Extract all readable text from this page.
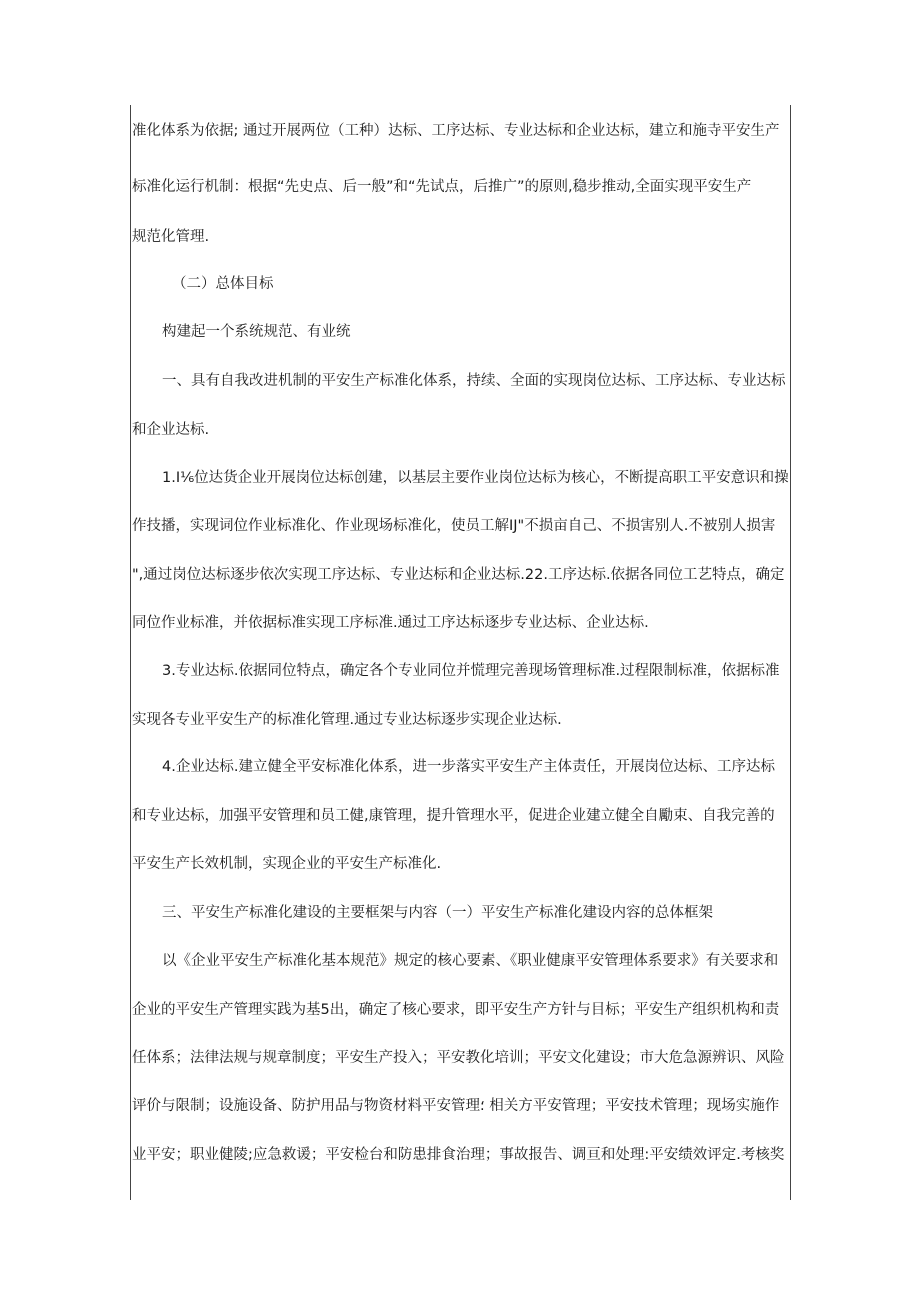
准化体系为依据; 通过开展两位（工种）达标、工序达标、专业达标和企业达标，建立和施寺平安生产
标准化运行机制：根据“先史点、后一般”和“先试点，后推广”的原则,稳步推动,全面实现平安生产
规范化管理.
（二）总体目标
构建起一个系统规范、有业统
一、具有自我改进机制的平安生产标准化体系，持续、全面的实现岗位达标、工序达标、专业达标
和企业达标.
1.I⅙位达货企业开展岗位达标创建，以基层主要作业岗位达标为核心，不断提高职工平安意识和操
作技播，实现词位作业标准化、作业现场标准化，使员工解IJ"不损亩自己、不损害别人.不被别人损害
",通过岗位达标逐步依次实现工序达标、专业达标和企业达标.22.工序达标.依据各同位工艺特点，确定
同位作业标准，并依据标准实现工序标准.通过工序达标逐步专业达标、企业达标.
3.专业达标.依据同位特点，确定各个专业同位并慌理完善现场管理标准.过程限制标准，依据标准
实现各专业平安生产的标准化管理.通过专业达标逐步实现企业达标.
4.企业达标.建立健全平安标准化体系，进一步落实平安生产主体责任，开展岗位达标、工序达标
和专业达标，加强平安管理和员工健,康管理，提升管理水平，促进企业建立健全自勵束、自我完善的
平安生产长效机制，实现企业的平安生产标准化.
三、平安生产标准化建设的主要框架与内容（一）平安生产标准化建设内容的总体框架
以《企业平安生产标准化基本规范》规定的核心要素、《职业健康平安管理体系要求》有关要求和
企业的平安生产管理实践为基5出，确定了核心要求，即平安生产方针与目标；平安生产组织机构和责
任体系；法律法规与规章制度；平安生产投入；平安教化培训；平安文化建设；市大危急源辨识、风险
评价与限制；设施设备、防护用品与物资材料平安管理؛ 相关方平安管理；平安技术管理；现场实施作
业平安；职业健陵;应急救谖；平安检台和防患排食治理；事故报告、调亘和处理:平安绩效评定.考核奖
